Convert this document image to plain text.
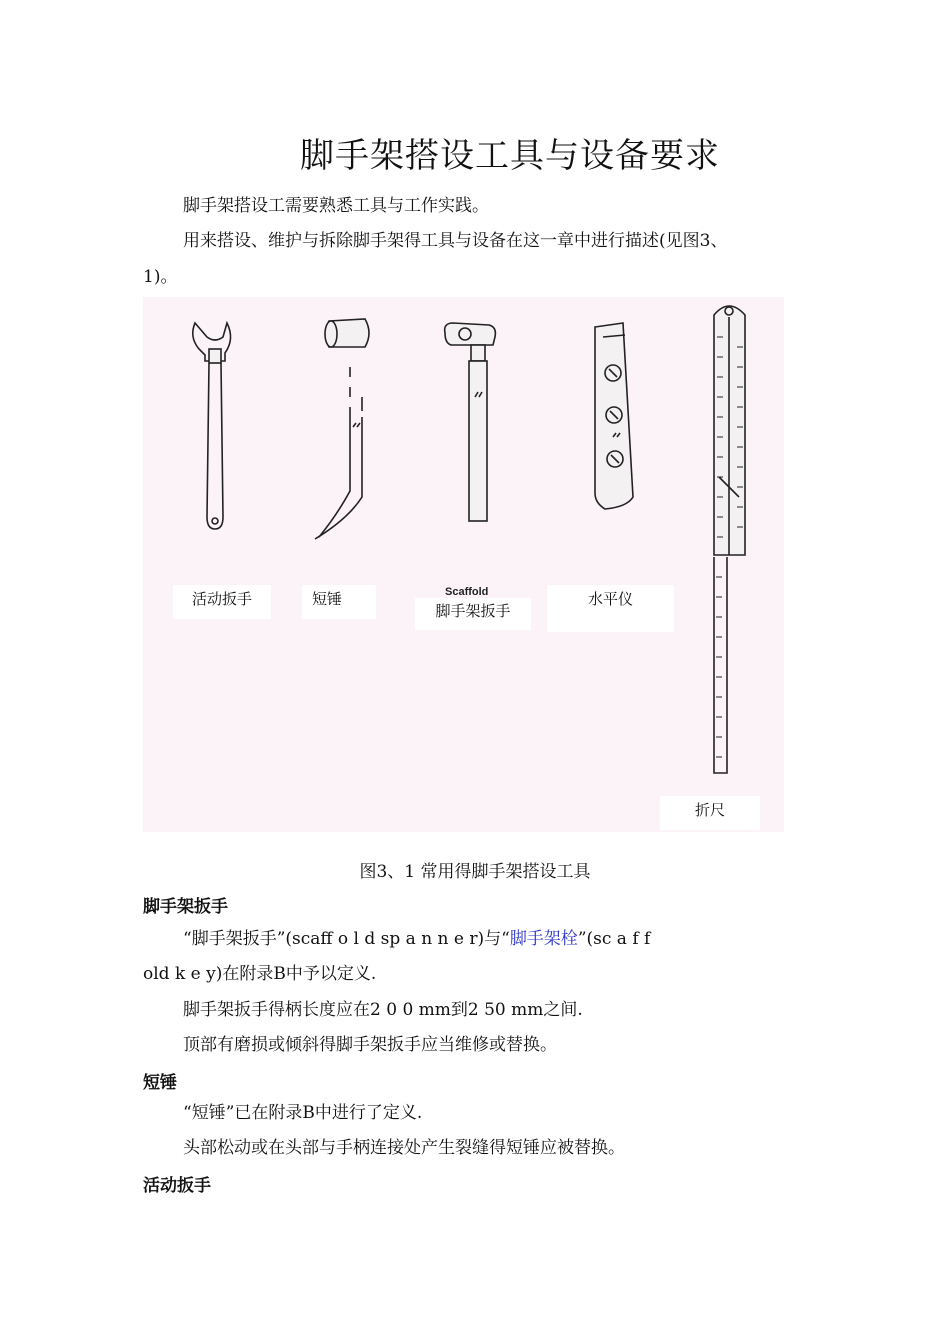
脚手架搭设工具与设备要求
脚手架搭设工需要熟悉工具与工作实践。
用来搭设、维护与拆除脚手架得工具与设备在这一章中进行描述(见图3、
1)。
活动扳手	短锤	Scaffold
脚手架扳手
水平仪
折尺
图3、1 常用得脚手架搭设工具
脚手架扳手
“脚手架扳手”(scaff o l d sp a n n e r)与“脚手架栓”(sc a f f
old k e y)在附录B中予以定义.
脚手架扳手得柄长度应在2 0 0 mm到2 50 mm之间.
顶部有磨损或倾斜得脚手架扳手应当维修或替换。
短锤
“短锤”已在附录B中进行了定义.
头部松动或在头部与手柄连接处产生裂缝得短锤应被替换。
活动扳手
